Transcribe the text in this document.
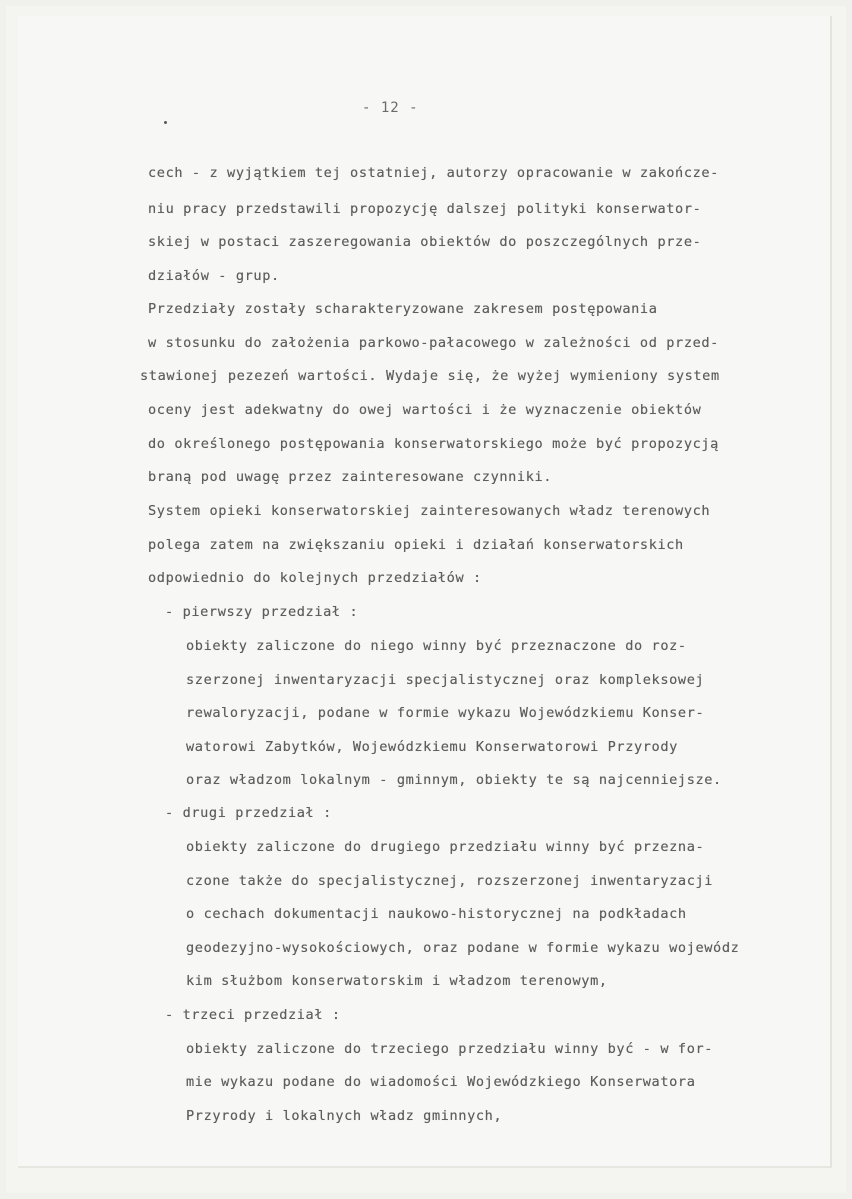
- 12 -
cech - z wyjątkiem tej ostatniej, autorzy opracowanie w zakończe-
niu pracy przedstawili propozycję dalszej polityki konserwator-
skiej w postaci zaszeregowania obiektów do poszczególnych prze-
działów - grup.
Przedziały zostały scharakteryzowane zakresem postępowania
w stosunku do założenia parkowo-pałacowego w zależności od przed-
stawionej pezezeń wartości. Wydaje się, że wyżej wymieniony system
oceny jest adekwatny do owej wartości i że wyznaczenie obiektów
do określonego postępowania konserwatorskiego może być propozycją
braną pod uwagę przez zainteresowane czynniki.
System opieki konserwatorskiej zainteresowanych władz terenowych
polega zatem na zwiększaniu opieki i działań konserwatorskich
odpowiednio do kolejnych przedziałów :
- pierwszy przedział :
obiekty zaliczone do niego winny być przeznaczone do roz-
szerzonej inwentaryzacji specjalistycznej oraz kompleksowej
rewaloryzacji, podane w formie wykazu Wojewódzkiemu Konser-
watorowi Zabytków, Wojewódzkiemu Konserwatorowi Przyrody
oraz władzom lokalnym - gminnym, obiekty te są najcenniejsze.
- drugi przedział :
obiekty zaliczone do drugiego przedziału winny być przezna-
czone także do specjalistycznej, rozszerzonej inwentaryzacji
o cechach dokumentacji naukowo-historycznej na podkładach
geodezyjno-wysokościowych, oraz podane w formie wykazu wojewódz
kim służbom konserwatorskim i władzom terenowym,
- trzeci przedział :
obiekty zaliczone do trzeciego przedziału winny być - w for-
mie wykazu podane do wiadomości Wojewódzkiego Konserwatora
Przyrody i lokalnych władz gminnych,
